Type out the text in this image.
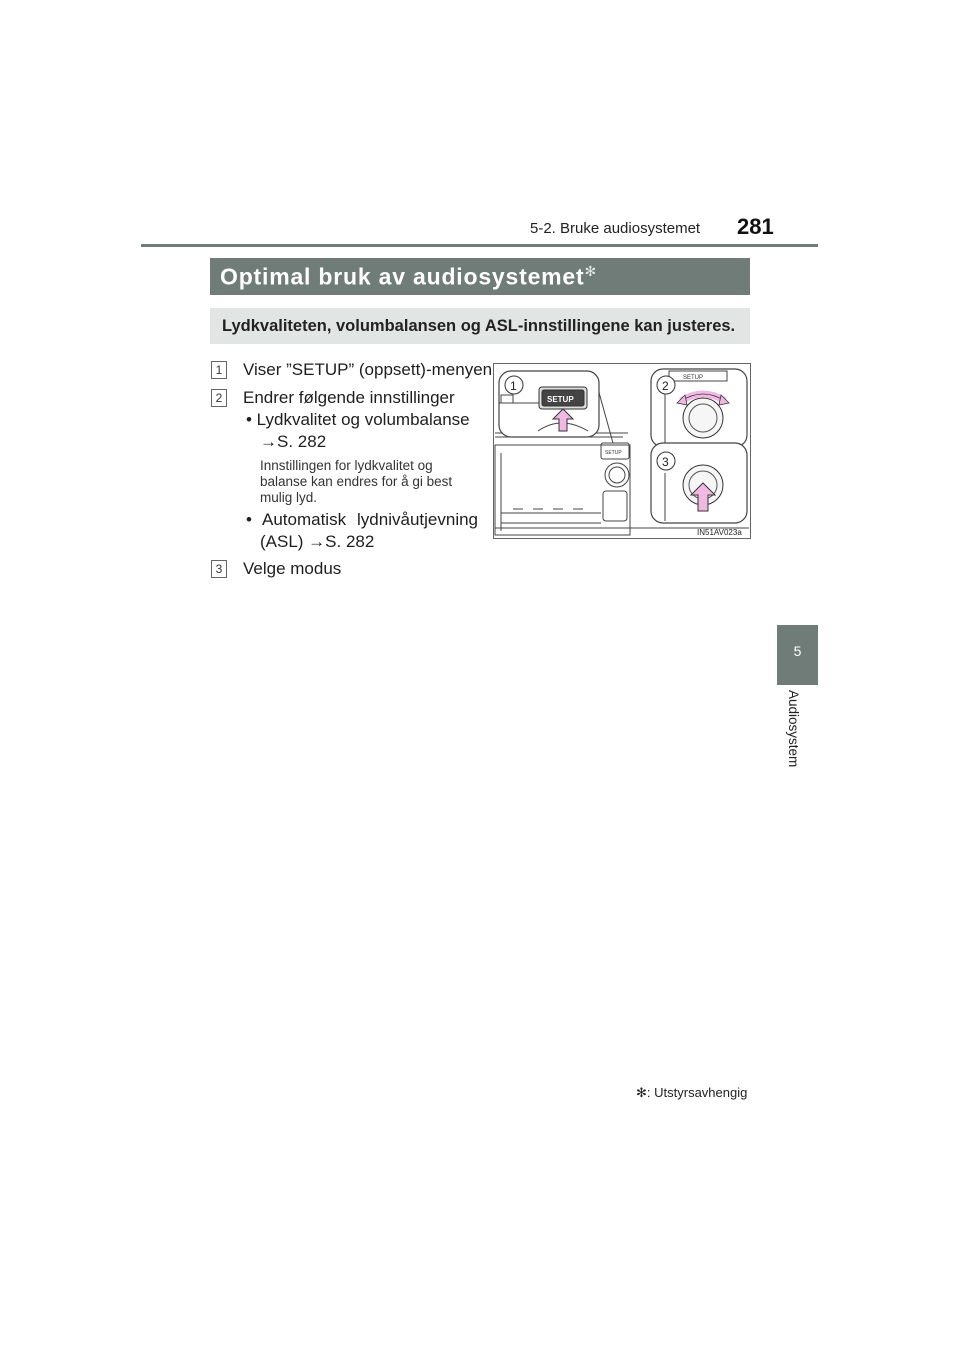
5-2. Bruke audiosystemet 281
Optimal bruk av audiosystemet✻
Lydkvaliteten, volumbalansen og ASL-innstillingene kan justeres.
1 Viser ”SETUP” (oppsett)-menyen
2 Endrer følgende innstillinger
• Lydkvalitet og volumbalanse
→S. 282
Innstillingen for lydkvalitet og
balanse kan endres for å gi best
mulig lyd.
• Automatisk lydnivåutjevning
(ASL) →S. 282
3 Velge modus
SETUP
SETUP
1
SETUP
2
3
IN51AV023a
5
Audiosystem
✻: Utstyrsavhengig
